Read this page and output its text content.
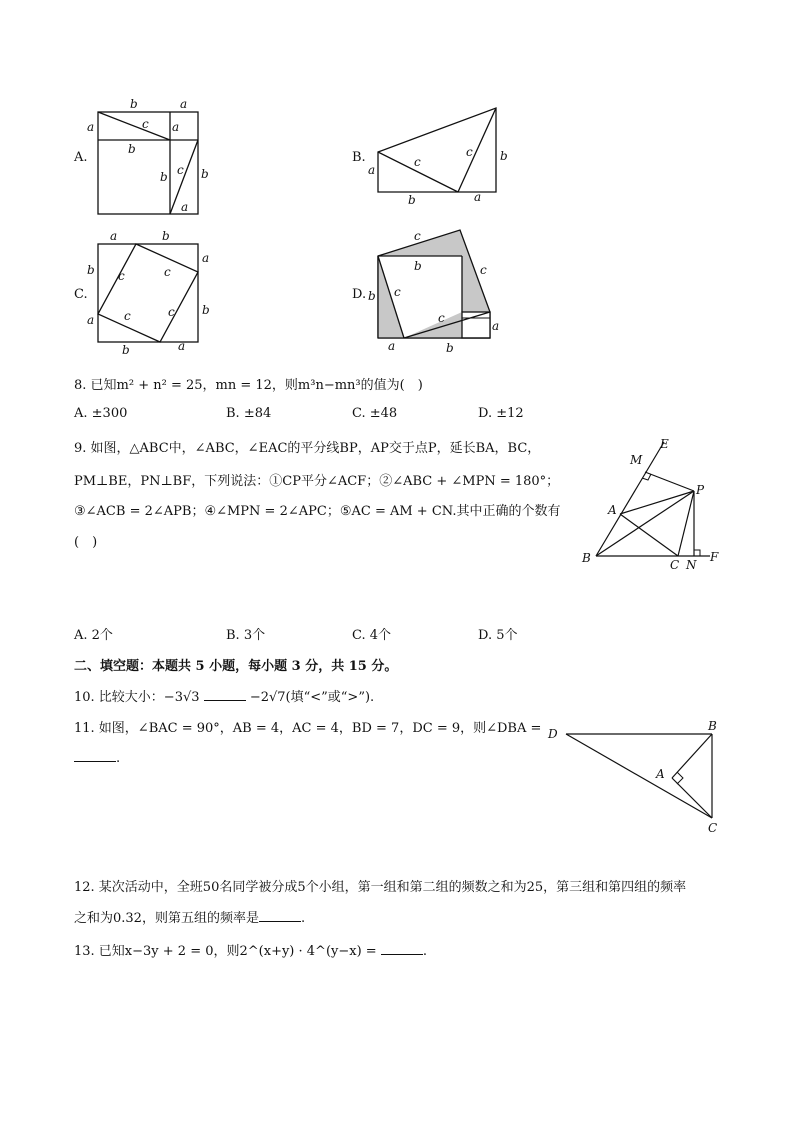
A.
b	a
a	c a
b
b c b
a
B.
a
c
c b
b	a
C.
a	b
b c	c
a
b
a c	c
b	a
D.
c
c
b
b c
c
a
a	b
8. 已知m² + n² = 25，mn = 12，则m³n−mn³的值为(　)
A. ±300	B. ±84	C. ±48	D. ±12
9. 如图，△ABC中，∠ABC，∠EAC的平分线BP，AP交于点P，延长BA，BC，
PM⊥BE，PN⊥BF，下列说法：①CP平分∠ACF；②∠ABC + ∠MPN = 180°；
③∠ACB = 2∠APB；④∠MPN = 2∠APC；⑤AC = AM + CN.其中正确的个数有
(　)
E
M
P
A
B	C N
F
A. 2个	B. 3个	C. 4个	D. 5个
二、填空题：本题共 5 小题，每小题 3 分，共 15 分。
10. 比较大小：−3√3	−2√7(填“<”或“>”).
11. 如图，∠BAC = 90°，AB = 4，AC = 4，BD = 7，DC = 9，则∠DBA =
.
D
B
A
C
12. 某次活动中，全班50名同学被分成5个小组，第一组和第二组的频数之和为25，第三组和第四组的频率
之和为0.32，则第五组的频率是	.
13. 已知x−3y + 2 = 0，则2^(x+y) · 4^(y−x) =	.
